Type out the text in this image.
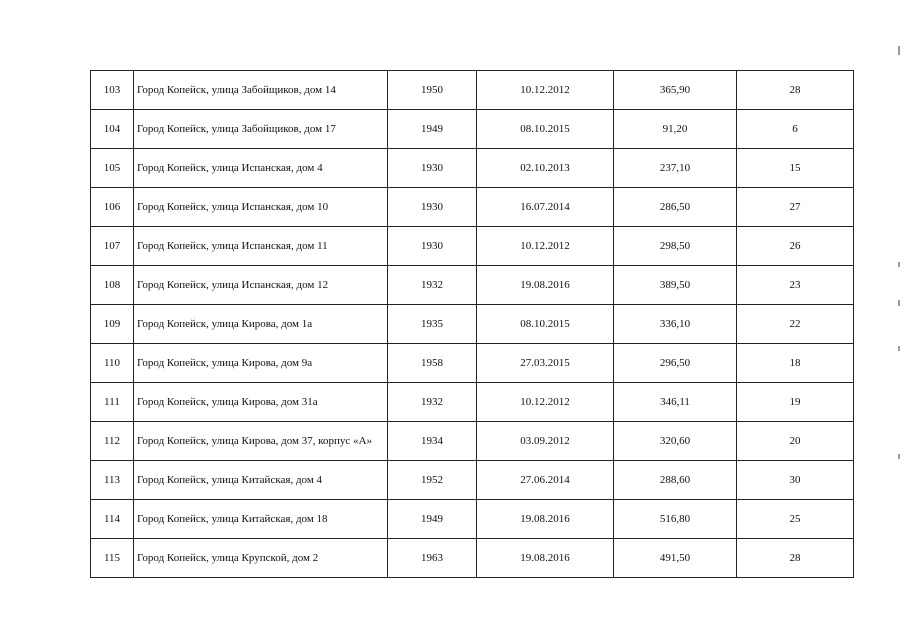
103	Город Копейск, улица Забойщиков, дом 14	1950	10.12.2012	365,90	28
104	Город Копейск, улица Забойщиков, дом 17	1949	08.10.2015	91,20	6
105	Город Копейск, улица Испанская, дом 4	1930	02.10.2013	237,10	15
106	Город Копейск, улица Испанская, дом 10	1930	16.07.2014	286,50	27
107	Город Копейск, улица Испанская, дом 11	1930	10.12.2012	298,50	26
108	Город Копейск, улица Испанская, дом 12	1932	19.08.2016	389,50	23
109	Город Копейск, улица Кирова, дом 1а	1935	08.10.2015	336,10	22
110	Город Копейск, улица Кирова, дом 9а	1958	27.03.2015	296,50	18
111	Город Копейск, улица Кирова, дом 31а	1932	10.12.2012	346,11	19
112	Город Копейск, улица Кирова, дом 37, корпус «А»	1934	03.09.2012	320,60	20
113	Город Копейск, улица Китайская, дом 4	1952	27.06.2014	288,60	30
114	Город Копейск, улица Китайская, дом 18	1949	19.08.2016	516,80	25
115	Город Копейск, улица Крупской, дом 2	1963	19.08.2016	491,50	28
